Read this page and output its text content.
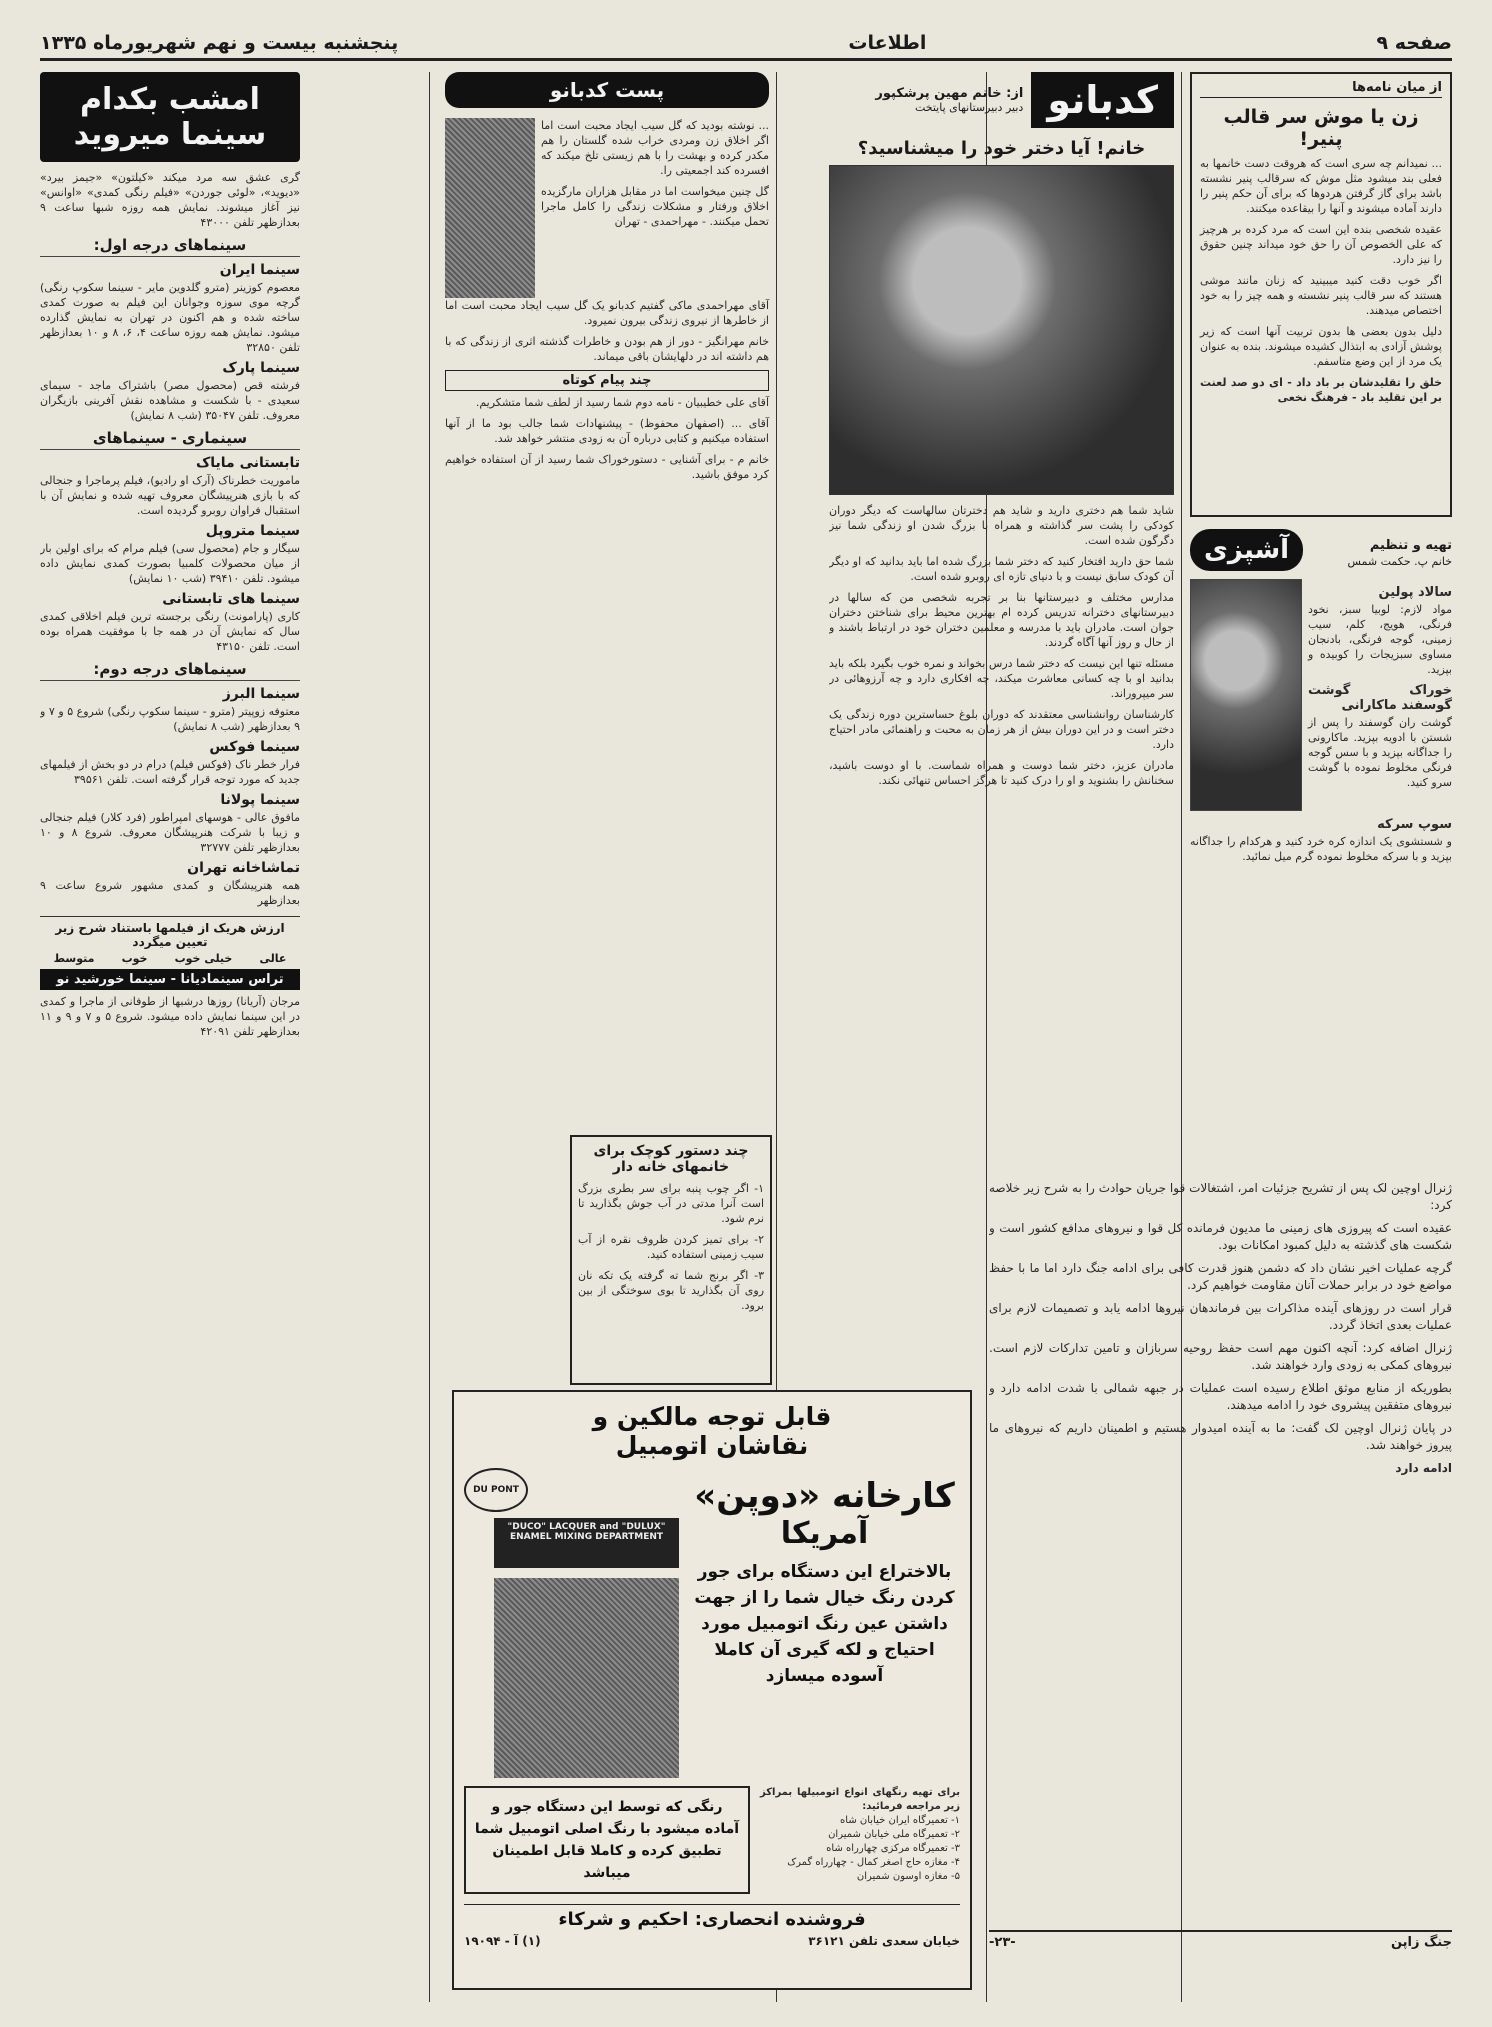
صفحه ۹
اطلاعات
پنجشنبه بیست و نهم شهریورماه ۱۳۳۵
از میان نامه‌ها
زن یا موش سر قالب پنیر!

... نمیدانم چه سری است که هروقت دست خانمها به فعلی بند میشود مثل موش که سرقالب پنیر نشسته باشد برای گاز گرفتن هردوها که برای آن حکم پنیر را دارند آماده میشوند و آنها را بیقاعده میکنند.

عقیده شخصی بنده این است که مرد کرده بر هرچیز که علی الخصوص آن را حق خود میداند چنین حقوق را نیز دارد.

اگر خوب دقت کنید میبینید که زنان مانند موشی هستند که سر قالب پنیر نشسته و همه چیز را به خود اختصاص میدهند.

دلیل بدون بعضی ها بدون تربیت آنها است که زیر پوشش آزادی به ابتذال کشیده میشوند. بنده به عنوان یک مرد از این وضع متاسفم.

خلق را تقلیدشان بر باد داد - ای دو صد لعنت بر این تقلید باد - فرهنگ نخعی

تهیه و تنظیم
خانم پ. حکمت شمس
آشپزی
سالاد پولین

مواد لازم: لوبیا سبز، نخود فرنگی، هویج، کلم، سیب زمینی، گوجه فرنگی، بادنجان مساوی سبزیجات را کوبیده و بپزید.

خوراک گوشت گوسفند ماکارانی

گوشت ران گوسفند را پس از شستن با ادویه بپزید. ماکارونی را جداگانه بپزید و با سس گوجه فرنگی مخلوط نموده با گوشت سرو کنید.

سوپ سرکه

و شستشوی یک اندازه کره خرد کنید و هرکدام را جداگانه بپزید و با سرکه مخلوط نموده گرم میل نمائید.

ژنرال اوچین لک پس از تشریح جزئیات امر، اشتغالات قوا جریان حوادث را به شرح زیر خلاصه کرد:

عقیده است که پیروزی های زمینی ما مدیون فرمانده کل قوا و نیروهای مدافع کشور است و شکست های گذشته به دلیل کمبود امکانات بود.

گرچه عملیات اخیر نشان داد که دشمن هنوز قدرت کافی برای ادامه جنگ دارد اما ما با حفظ مواضع خود در برابر حملات آنان مقاومت خواهیم کرد.

قرار است در روزهای آینده مذاکرات بین فرماندهان نیروها ادامه یابد و تصمیمات لازم برای عملیات بعدی اتخاذ گردد.

ژنرال اضافه کرد: آنچه اکنون مهم است حفظ روحیه سربازان و تامین تدارکات لازم است. نیروهای کمکی به زودی وارد خواهند شد.

بطوریکه از منابع موثق اطلاع رسیده است عملیات در جبهه شمالی با شدت ادامه دارد و نیروهای متفقین پیشروی خود را ادامه میدهند.

در پایان ژنرال اوچین لک گفت: ما به آینده امیدوار هستیم و اطمینان داریم که نیروهای ما پیروز خواهند شد.

ادامه دارد

جنگ زاپن
-۲۳-
کدبانو
از: خانم مهین پرشکپور
دبیر دبیرستانهای پایتخت
خانم! آیا دختر خود را میشناسید؟

شاید شما هم دختری دارید و شاید هم دخترتان سالهاست که دیگر دوران کودکی را پشت سر گذاشته و همراه با بزرگ شدن او زندگی شما نیز دگرگون شده است.

شما حق دارید افتخار کنید که دختر شما بزرگ شده اما باید بدانید که او دیگر آن کودک سابق نیست و با دنیای تازه ای روبرو شده است.

مدارس مختلف و دبیرستانها بنا بر تجربه شخصی من که سالها در دبیرستانهای دخترانه تدریس کرده ام بهترین محیط برای شناختن دختران جوان است. مادران باید با مدرسه و معلمین دختران خود در ارتباط باشند و از حال و روز آنها آگاه گردند.

مسئله تنها این نیست که دختر شما درس بخواند و نمره خوب بگیرد بلکه باید بدانید او با چه کسانی معاشرت میکند، چه افکاری دارد و چه آرزوهائی در سر میپروراند.

کارشناسان روانشناسی معتقدند که دوران بلوغ حساسترین دوره زندگی یک دختر است و در این دوران بیش از هر زمان به محبت و راهنمائی مادر احتیاج دارد.

مادران عزیز، دختر شما دوست و همراه شماست. با او دوست باشید، سخنانش را بشنوید و او را درک کنید تا هرگز احساس تنهائی نکند.

چند دستور کوچک برای خانمهای خانه دار

۱- اگر چوب پنبه برای سر بطری بزرگ است آنرا مدتی در آب جوش بگذارید تا نرم شود.

۲- برای تمیز کردن ظروف نقره از آب سیب زمینی استفاده کنید.

۳- اگر برنج شما ته گرفته یک تکه نان روی آن بگذارید تا بوی سوختگی از بین برود.

پست کدبانو

... نوشته بودید که گل سیب ایجاد محبت است اما اگر اخلاق زن ومردی خراب شده گلستان را هم مکدر کرده و بهشت را با هم زیستی تلخ میکند که افسرده کند اجمعیتی را.

گل چنین میخواست اما در مقابل هزاران مارگزیده اخلاق ورفتار و مشکلات زندگی را کامل ماجرا تحمل میکنند. - مهراحمدی - تهران

آقای مهراحمدی ماکی گفتیم کدبانو یک گل سیب ایجاد محبت است اما از خاطرها از نیروی زندگی بیرون نمیرود.

خانم مهرانگیز - دور از هم بودن و خاطرات گذشته اثری از زندگی که با هم داشته اند در دلهایشان باقی میماند.

چند پیام کوتاه

آقای علی خطیبیان - نامه دوم شما رسید از لطف شما متشکریم.

آقای ... (اصفهان محفوظ) - پیشنهادات شما جالب بود ما از آنها استفاده میکنیم و کتابی درباره آن به زودی منتشر خواهد شد.

خانم م - برای آشنایی - دستورخوراک شما رسید از آن استفاده خواهیم کرد موفق باشید.

قابل توجه مالکین و
نقاشان اتومبیل
کارخانه «دوپن»
آمریکا
بالاختراع این دستگاه برای جور کردن رنگ خیال شما را از جهت داشتن عین رنگ اتومبیل مورد احتیاج و لکه گیری آن کاملا آسوده میسازد
DU PONT
"DUCO" LACQUER and "DULUX"
ENAMEL MIXING DEPARTMENT
برای تهیه رنگهای انواع اتومبیلها بمراکز زیر مراجعه فرمائید:
۱- تعمیرگاه ایران خیابان شاه
۲- تعمیرگاه ملی خیابان شمیران
۳- تعمیرگاه مرکزی چهارراه شاه
۴- مغازه حاج اصغر کمال - چهارراه گمرک
۵- مغازه اوسون شمیران
رنگی که توسط این دستگاه جور و آماده میشود با رنگ اصلی اتومبیل شما تطبیق کرده و کاملا قابل اطمینان میباشد
فروشنده انحصاری: احکیم و شرکاء
خیابان سعدی تلفن ۳۶۱۲۱
(۱) آ - ۱۹۰۹۴
امشب بکدام سینما میروید
گری عشق سه مرد میکند «کیلتون» «جیمز بیرد» «دیوید»، «لوئی جوردن» «فیلم رنگی کمدی» «اوانس» نیز آغاز میشوند. نمایش همه روزه شبها ساعت ۹ بعدازظهر تلفن ۴۳۰۰۰
سینماهای درجه اول:
سینما ایران
معصوم کوزینر (مترو گلدوین مایر - سینما سکوپ رنگی) گرچه موی سوزه وجوانان این فیلم به صورت کمدی ساخته شده و هم اکنون در تهران به نمایش گذارده میشود. نمایش همه روزه ساعت ۴، ۶، ۸ و ۱۰ بعدازظهر تلفن ۳۲۸۵۰
سینما پارک
فرشته قص (محصول مصر) باشتراک ماجد - سیمای سعیدی - با شکست و مشاهده نقش آفرینی بازیگران معروف. تلفن ۳۵۰۴۷ (شب ۸ نمایش)
سینماری - سینماهای
تابستانی مایاک
ماموریت خطرناک (آرک او رادیو)، فیلم پرماجرا و جنجالی که با بازی هنرپیشگان معروف تهیه شده و نمایش آن با استقبال فراوان روبرو گردیده است.
سینما متروپل
سیگار و جام (محصول سی) فیلم مرام که برای اولین بار از میان محصولات کلمبیا بصورت کمدی نمایش داده میشود. تلفن ۳۹۴۱۰ (شب ۱۰ نمایش)
سینما های تابستانی
کاری (پارامونت) رنگی برجسته ترین فیلم اخلاقی کمدی سال که نمایش آن در همه جا با موفقیت همراه بوده است. تلفن ۴۳۱۵۰
سینماهای درجه دوم:
سینما البرز
معتوفه زوپیتر (مترو - سینما سکوپ رنگی) شروع ۵ و ۷ و ۹ بعدازظهر (شب ۸ نمایش)
سینما فوکس
فرار خطر ناک (فوکس فیلم) درام در دو بخش از فیلمهای جدید که مورد توجه قرار گرفته است. تلفن ۳۹۵۶۱
سینما پولانا
مافوق عالی - هوسهای امپراطور (فرد کلار) فیلم جنجالی و زیبا با شرکت هنرپیشگان معروف. شروع ۸ و ۱۰ بعدازظهر تلفن ۳۲۷۷۷
تماشاخانه تهران
همه هنرپیشگان و کمدی مشهور شروع ساعت ۹ بعدازظهر
ارزش هریک از فیلمها باستناد شرح زیر تعیین میگردد
عالی
خیلی خوب
خوب
متوسط
تراس سینمادیانا - سینما خورشید نو
مرجان (آریانا) روزها درشبها از طوفانی از ماجرا و کمدی در این سینما نمایش داده میشود. شروع ۵ و ۷ و ۹ و ۱۱ بعدازظهر تلفن ۴۲۰۹۱
